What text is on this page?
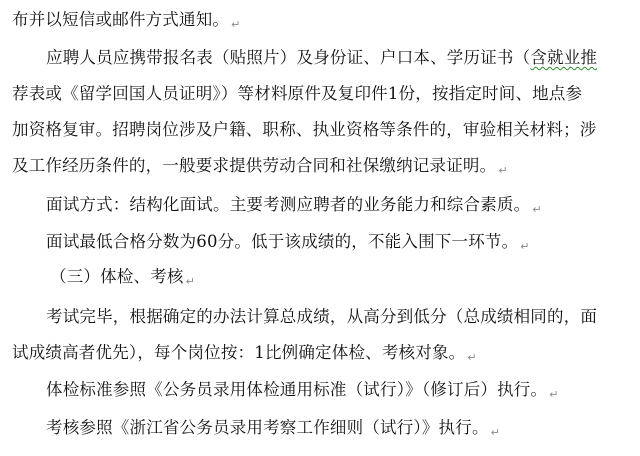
布并以短信或邮件方式通知。 ↵
应聘人员应携带报名表（贴照片）及身份证、户口本、学历证书（含就业推
荐表或《留学回国人员证明》）等材料原件及复印件1份，按指定时间、地点参
加资格复审。招聘岗位涉及户籍、职称、执业资格等条件的，审验相关材料；涉
及工作经历条件的，一般要求提供劳动合同和社保缴纳记录证明。 ↵
面试方式：结构化面试。主要考测应聘者的业务能力和综合素质。 ↵
面试最低合格分数为60分。低于该成绩的，不能入围下一环节。 ↵
（三）体检、考核 ↵
考试完毕，根据确定的办法计算总成绩，从高分到低分（总成绩相同的，面
试成绩高者优先），每个岗位按：1比例确定体检、考核对象。 ↵
体检标准参照《公务员录用体检通用标准（试行）》（修订后）执行。 ↵
考核参照《浙江省公务员录用考察工作细则（试行）》执行。 ↵
